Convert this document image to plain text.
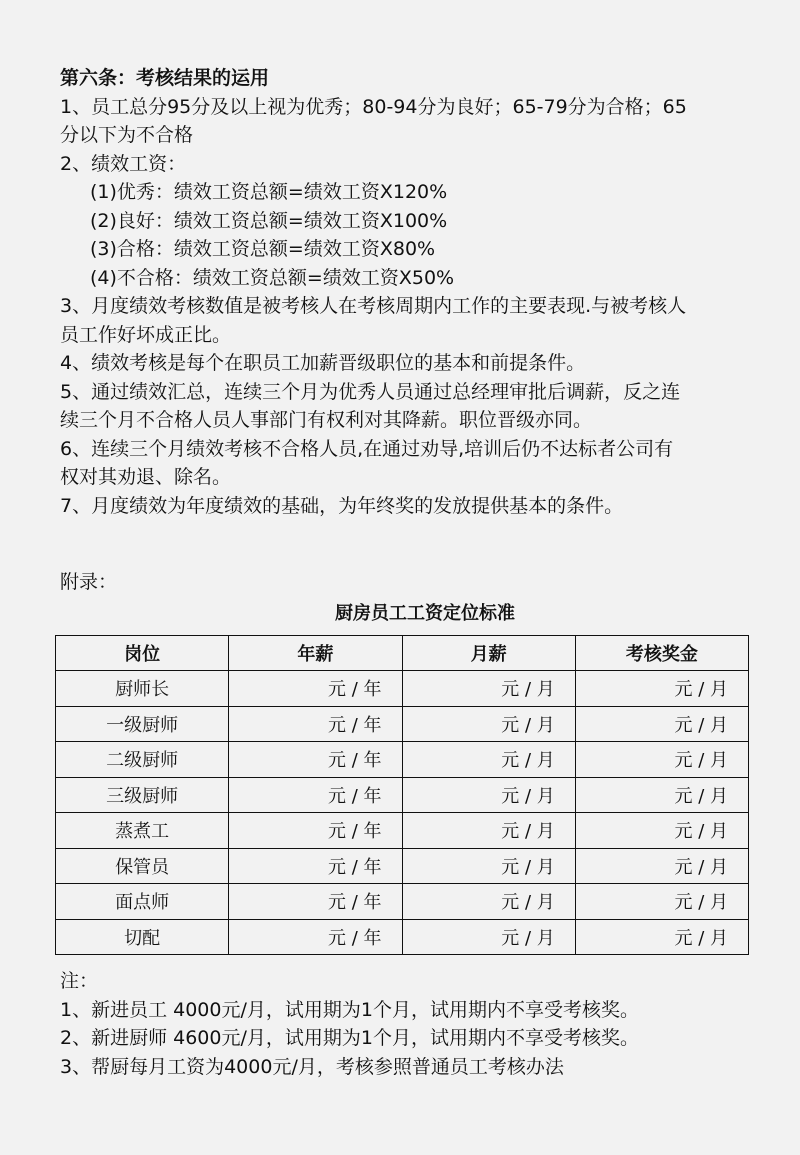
第六条：考核结果的运用
1、员工总分95分及以上视为优秀；80-94分为良好；65-79分为合格；65
分以下为不合格
2、绩效工资：
(1)优秀：绩效工资总额=绩效工资X120%
(2)良好：绩效工资总额=绩效工资X100%
(3)合格：绩效工资总额=绩效工资X80%
(4)不合格：绩效工资总额=绩效工资X50%
3、月度绩效考核数值是被考核人在考核周期内工作的主要表现.与被考核人
员工作好坏成正比。
4、绩效考核是每个在职员工加薪晋级职位的基本和前提条件。
5、通过绩效汇总，连续三个月为优秀人员通过总经理审批后调薪，反之连
续三个月不合格人员人事部门有权利对其降薪。职位晋级亦同。
6、连续三个月绩效考核不合格人员,在通过劝导,培训后仍不达标者公司有
权对其劝退、除名。
7、月度绩效为年度绩效的基础，为年终奖的发放提供基本的条件。
附录：
厨房员工工资定位标准
岗位	年薪	月薪	考核奖金
厨师长	元 / 年	元 / 月	元 / 月
一级厨师	元 / 年	元 / 月	元 / 月
二级厨师	元 / 年	元 / 月	元 / 月
三级厨师	元 / 年	元 / 月	元 / 月
蒸煮工	元 / 年	元 / 月	元 / 月
保管员	元 / 年	元 / 月	元 / 月
面点师	元 / 年	元 / 月	元 / 月
切配	元 / 年	元 / 月	元 / 月
注：
1、新进员工 4000元/月，试用期为1个月，试用期内不享受考核奖。
2、新进厨师 4600元/月，试用期为1个月，试用期内不享受考核奖。
3、帮厨每月工资为4000元/月，考核参照普通员工考核办法
